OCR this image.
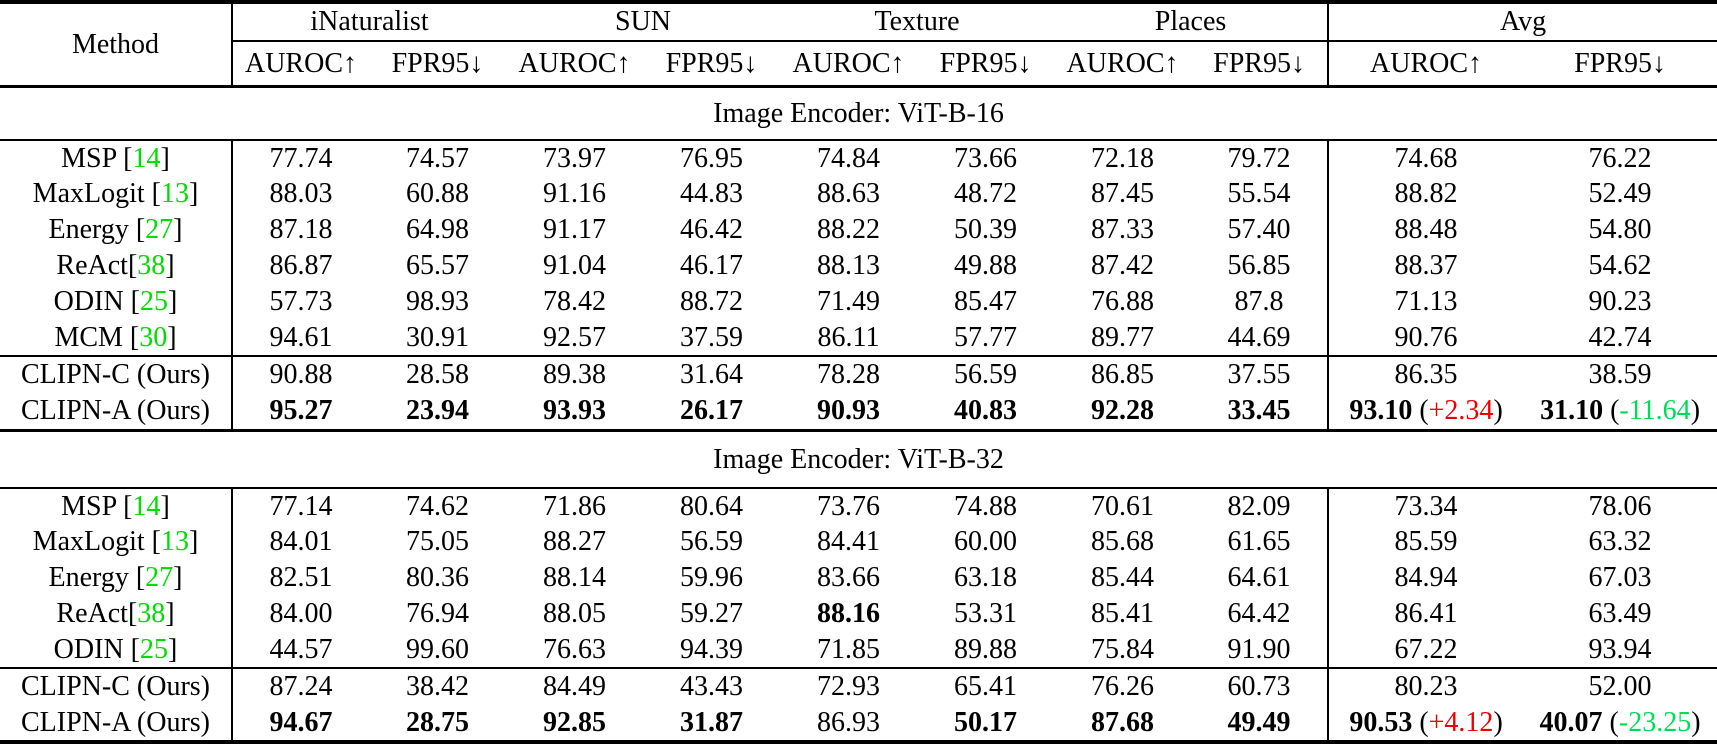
Method	iNaturalist		SUN		Texture		Places		Avg	
	AUROC↑	FPR95↓	AUROC↑	FPR95↓	AUROC↑	FPR95↓	AUROC↑	FPR95↓	AUROC↑	FPR95↓
Image Encoder: ViT-B-16										
MSP [14]	77.74	74.57	73.97	76.95	74.84	73.66	72.18	79.72	74.68	76.22
MaxLogit [13]	88.03	60.88	91.16	44.83	88.63	48.72	87.45	55.54	88.82	52.49
Energy [27]	87.18	64.98	91.17	46.42	88.22	50.39	87.33	57.40	88.48	54.80
ReAct[38]	86.87	65.57	91.04	46.17	88.13	49.88	87.42	56.85	88.37	54.62
ODIN [25]	57.73	98.93	78.42	88.72	71.49	85.47	76.88	87.8	71.13	90.23
MCM [30]	94.61	30.91	92.57	37.59	86.11	57.77	89.77	44.69	90.76	42.74
CLIPN-C (Ours)	90.88	28.58	89.38	31.64	78.28	56.59	86.85	37.55	86.35	38.59
CLIPN-A (Ours)	95.27	23.94	93.93	26.17	90.93	40.83	92.28	33.45	93.10 (+2.34)	31.10 (-11.64)
Image Encoder: ViT-B-32										
MSP [14]	77.14	74.62	71.86	80.64	73.76	74.88	70.61	82.09	73.34	78.06
MaxLogit [13]	84.01	75.05	88.27	56.59	84.41	60.00	85.68	61.65	85.59	63.32
Energy [27]	82.51	80.36	88.14	59.96	83.66	63.18	85.44	64.61	84.94	67.03
ReAct[38]	84.00	76.94	88.05	59.27	88.16	53.31	85.41	64.42	86.41	63.49
ODIN [25]	44.57	99.60	76.63	94.39	71.85	89.88	75.84	91.90	67.22	93.94
CLIPN-C (Ours)	87.24	38.42	84.49	43.43	72.93	65.41	76.26	60.73	80.23	52.00
CLIPN-A (Ours)	94.67	28.75	92.85	31.87	86.93	50.17	87.68	49.49	90.53 (+4.12)	40.07 (-23.25)
